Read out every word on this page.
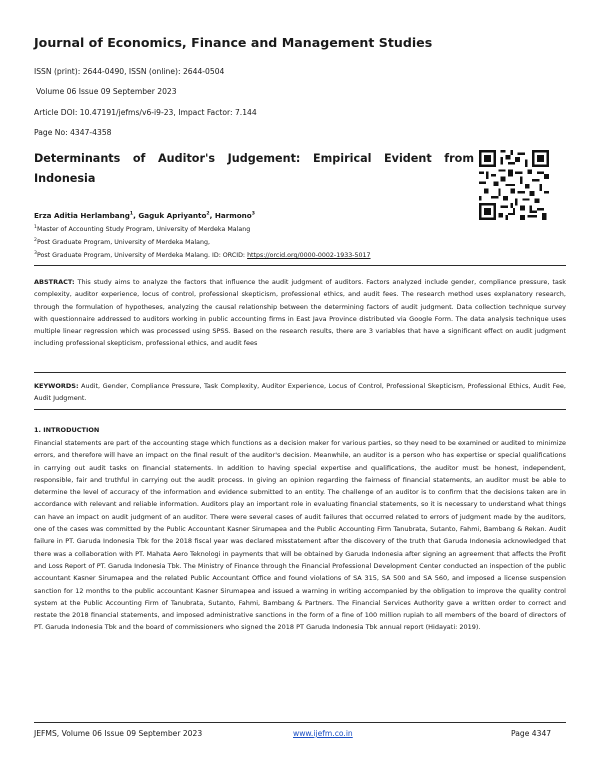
Journal of Economics, Finance and Management Studies
ISSN (print): 2644-0490, ISSN (online): 2644-0504
Volume 06 Issue 09 September 2023
Article DOI: 10.47191/jefms/v6-i9-23, Impact Factor: 7.144
Page No: 4347-4358
Determinants of Auditor's Judgement: Empirical Evident from Indonesia
Erza Aditia Herlambang$^1$, Gaguk Apriyanto$^2$, Harmono$^3$
$^1$Master of Accounting Study Program, University of Merdeka Malang
$^2$Post Graduate Program, University of Merdeka Malang,
$^3$Post Graduate Program, University of Merdeka Malang. ID: ORCID: https://orcid.org/0000-0002-1933-5017
ABSTRACT: This study aims to analyze the factors that influence the audit judgment of auditors. Factors analyzed include gender, compliance pressure, task complexity, auditor experience, locus of control, professional skepticism, professional ethics, and audit fees. The research method uses explanatory research, through the formulation of hypotheses, analyzing the causal relationship between the determining factors of audit judgment. Data collection technique survey with questionnaire addressed to auditors working in public accounting firms in East Java Province distributed via Google Form. The data analysis technique uses multiple linear regression which was processed using SPSS. Based on the research results, there are 3 variables that have a significant effect on audit judgment including professional skepticism, professional ethics, and audit fees
KEYWORDS: Audit, Gender, Compliance Pressure, Task Complexity, Auditor Experience, Locus of Control, Professional Skepticism, Professional Ethics, Audit Fee, Audit Judgment.
1. INTRODUCTION
Financial statements are part of the accounting stage which functions as a decision maker for various parties, so they need to be examined or audited to minimize errors, and therefore will have an impact on the final result of the auditor's decision. Meanwhile, an auditor is a person who has expertise or special qualifications in carrying out audit tasks on financial statements. In addition to having special expertise and qualifications, the auditor must be honest, independent, responsible, fair and truthful in carrying out the audit process. In giving an opinion regarding the fairness of financial statements, an auditor must be able to determine the level of accuracy of the information and evidence submitted to an entity. The challenge of an auditor is to confirm that the decisions taken are in accordance with relevant and reliable information. Auditors play an important role in evaluating financial statements, so it is necessary to understand what things can have an impact on audit judgment of an auditor. There were several cases of audit failures that occurred related to errors of judgment made by the auditors, one of the cases was committed by the Public Accountant Kasner Sirumapea and the Public Accounting Firm Tanubrata, Sutanto, Fahmi, Bambang & Rekan. Audit failure in PT. Garuda Indonesia Tbk for the 2018 fiscal year was declared misstatement after the discovery of the truth that Garuda Indonesia acknowledged that there was a collaboration with PT. Mahata Aero Teknologi in payments that will be obtained by Garuda Indonesia after signing an agreement that affects the Profit and Loss Report of PT. Garuda Indonesia Tbk. The Ministry of Finance through the Financial Professional Development Center conducted an inspection of the public accountant Kasner Sirumapea and the related Public Accountant Office and found violations of SA 315, SA 500 and SA 560, and imposed a license suspension sanction for 12 months to the public accountant Kasner Sirumapea and issued a warning in writing accompanied by the obligation to improve the quality control system at the Public Accounting Firm of Tanubrata, Sutanto, Fahmi, Bambang & Partners. The Financial Services Authority gave a written order to correct and restate the 2018 financial statements, and imposed administrative sanctions in the form of a fine of 100 million rupiah to all members of the board of directors of PT. Garuda Indonesia Tbk and the board of commissioners who signed the 2018 PT Garuda Indonesia Tbk annual report (Hidayati: 2019).
JEFMS, Volume 06 Issue 09 September 2023	www.ijefm.co.in	Page 4347
